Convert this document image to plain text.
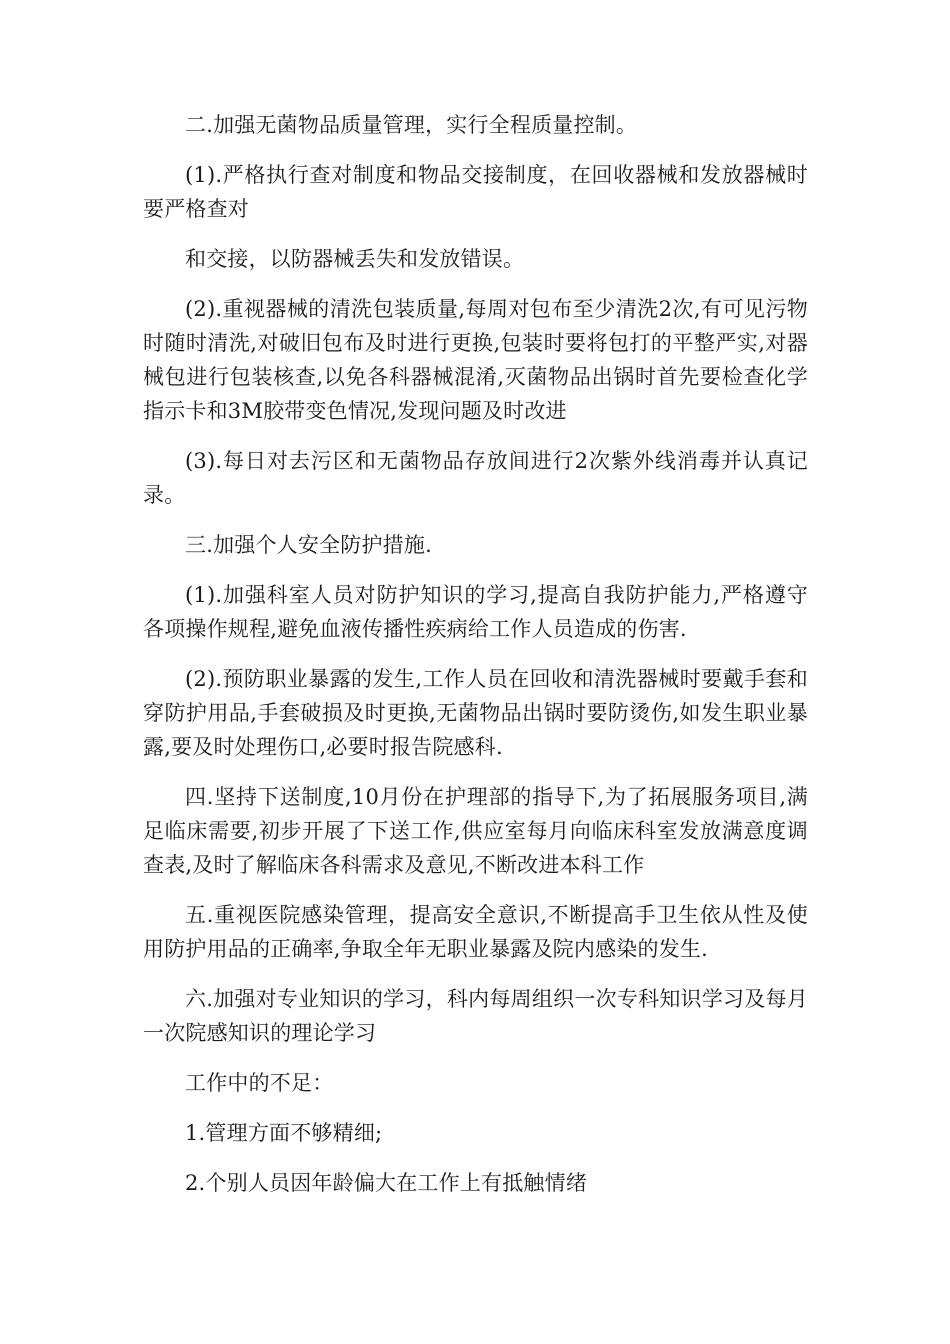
二.加强无菌物品质量管理，实行全程质量控制。

(1).严格执行查对制度和物品交接制度，在回收器械和发放器械时要严格查对

和交接，以防器械丢失和发放错误。

(2).重视器械的清洗包装质量,每周对包布至少清洗2次,有可见污物时随时清洗,对破旧包布及时进行更换,包装时要将包打的平整严实,对器械包进行包装核查,以免各科器械混淆,灭菌物品出锅时首先要检查化学指示卡和3M胶带变色情况,发现问题及时改进

(3).每日对去污区和无菌物品存放间进行2次紫外线消毒并认真记录。

三.加强个人安全防护措施.

(1).加强科室人员对防护知识的学习,提高自我防护能力,严格遵守各项操作规程,避免血液传播性疾病给工作人员造成的伤害.

(2).预防职业暴露的发生,工作人员在回收和清洗器械时要戴手套和穿防护用品,手套破损及时更换,无菌物品出锅时要防烫伤,如发生职业暴露,要及时处理伤口,必要时报告院感科.

四.坚持下送制度,10月份在护理部的指导下,为了拓展服务项目,满足临床需要,初步开展了下送工作,供应室每月向临床科室发放满意度调查表,及时了解临床各科需求及意见,不断改进本科工作

五.重视医院感染管理，提高安全意识,不断提高手卫生依从性及使用防护用品的正确率,争取全年无职业暴露及院内感染的发生.

六.加强对专业知识的学习，科内每周组织一次专科知识学习及每月一次院感知识的理论学习

工作中的不足：

1.管理方面不够精细;

2.个别人员因年龄偏大在工作上有抵触情绪
